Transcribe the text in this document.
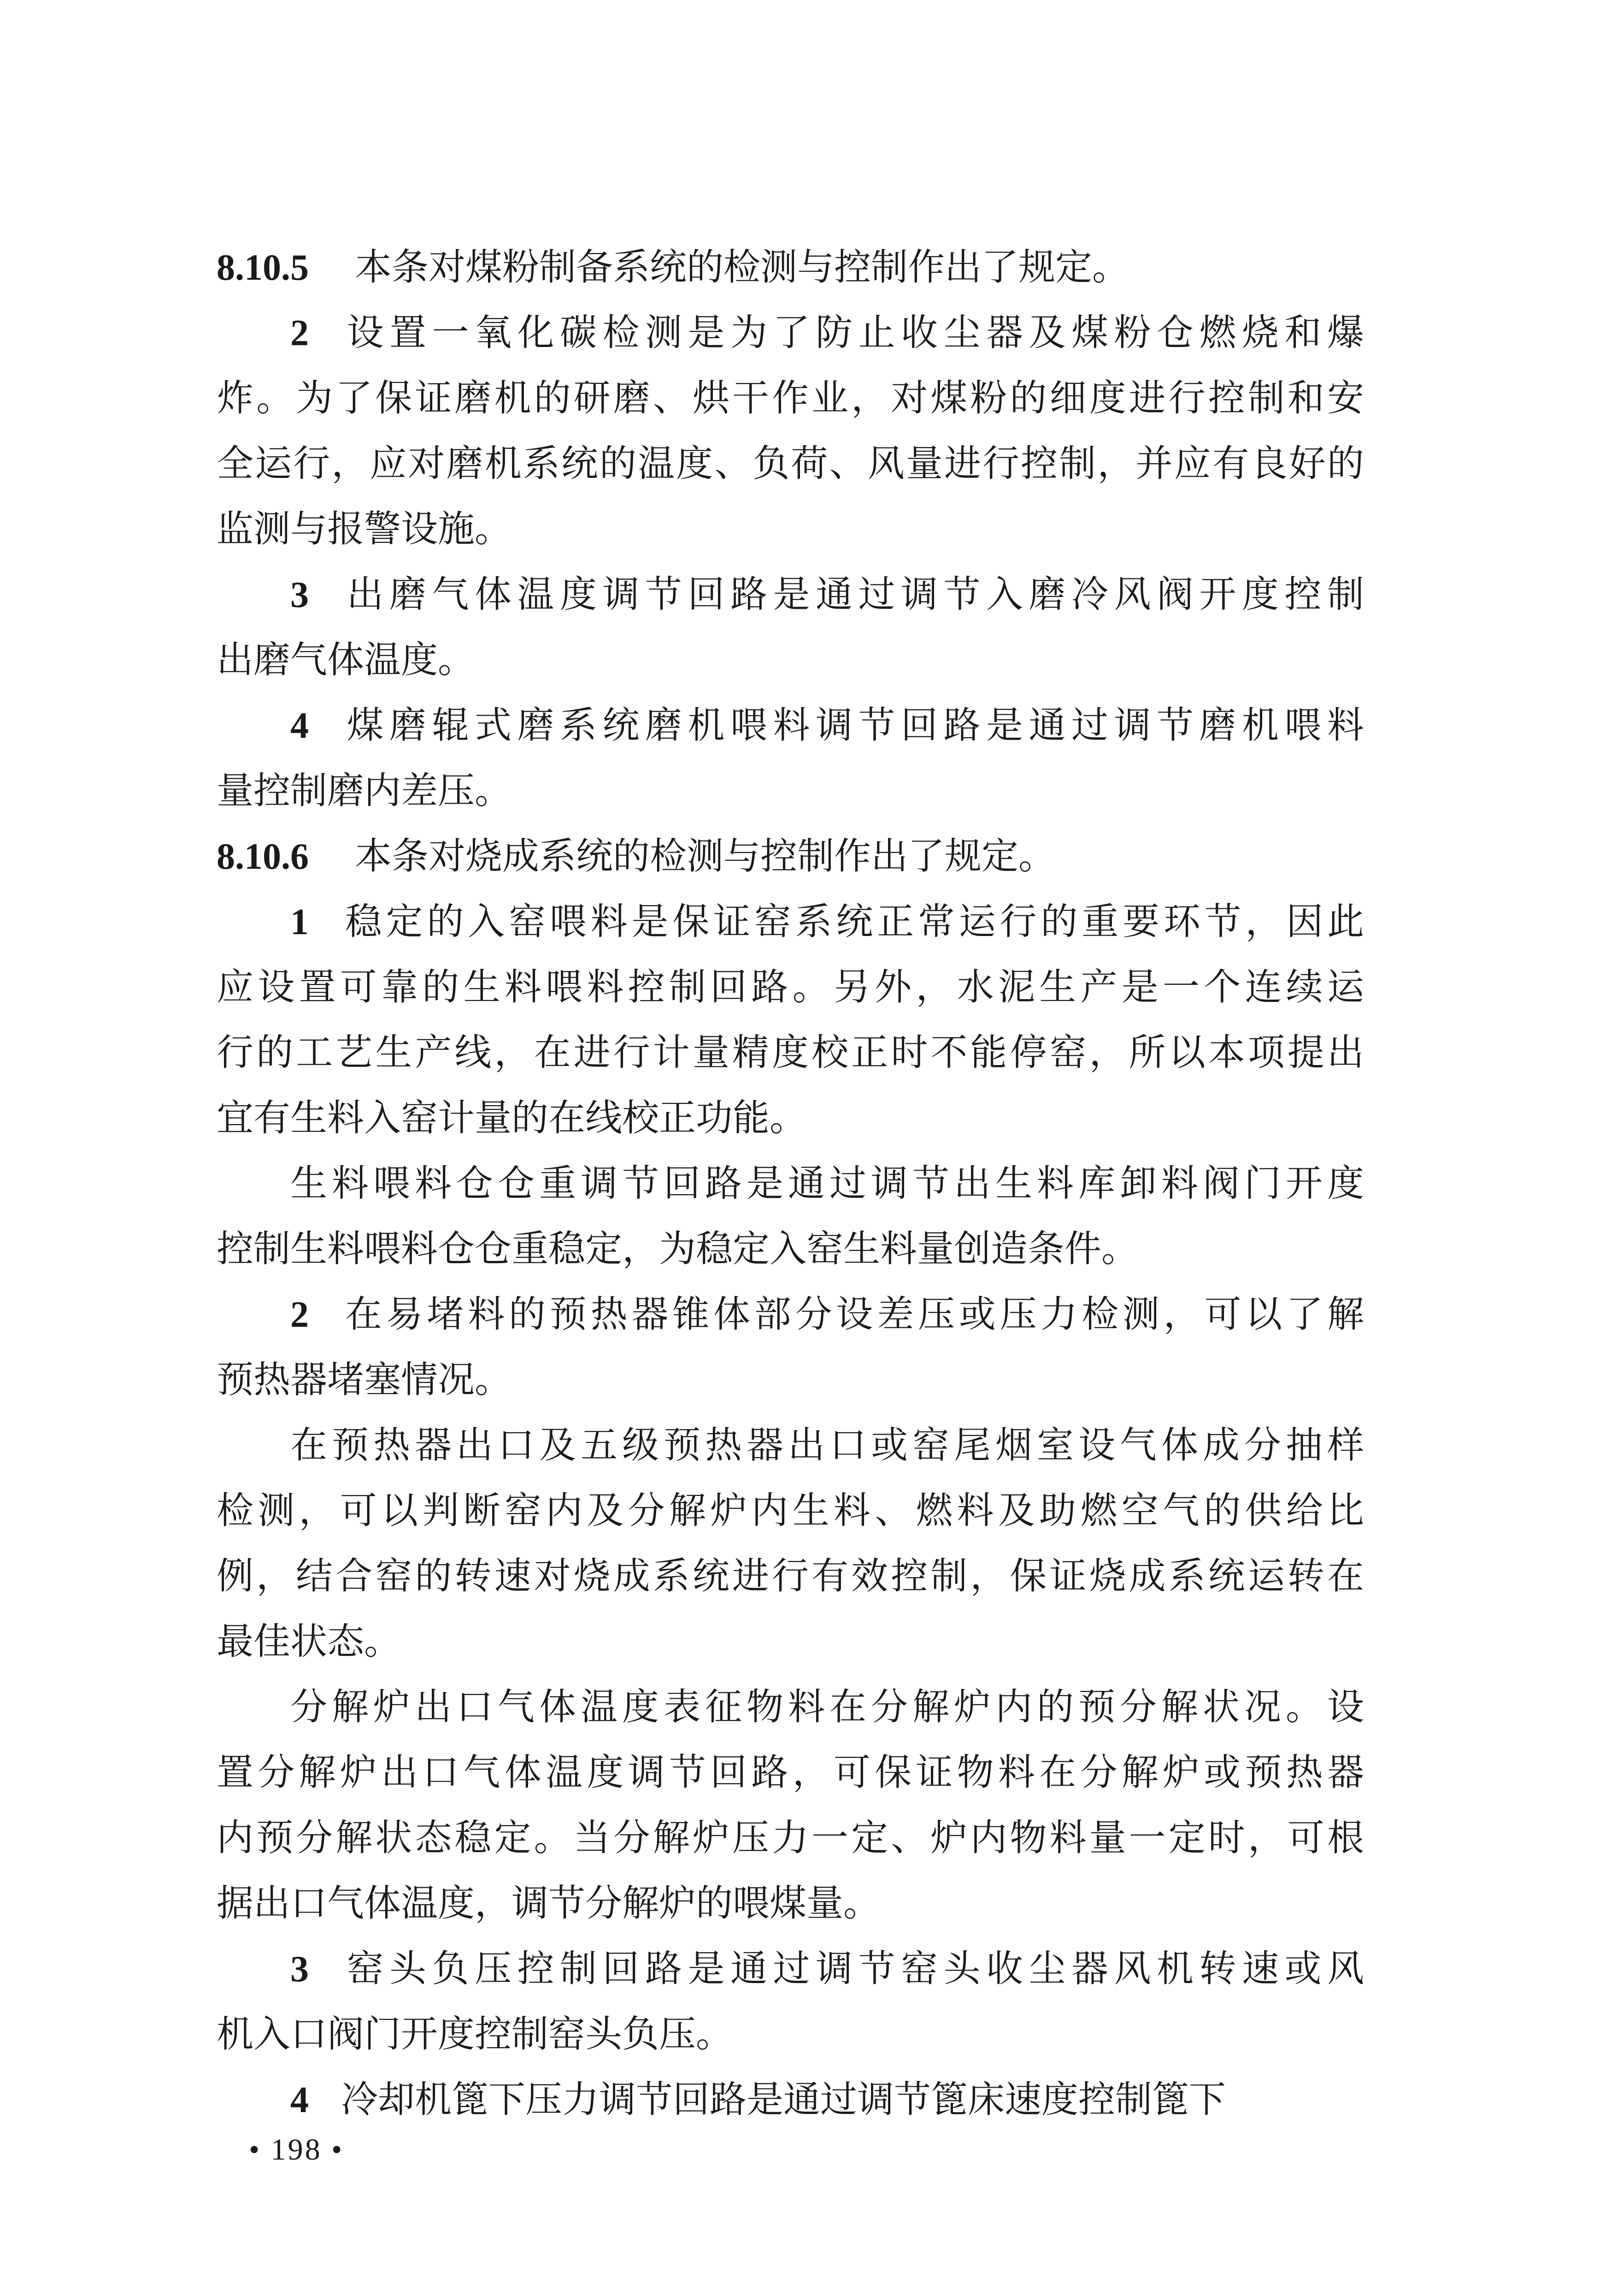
8.10.5 本条对煤粉制备系统的检测与控制作出了规定。
2 设置一氧化碳检测是为了防止收尘器及煤粉仓燃烧和爆
炸。为了保证磨机的研磨、烘干作业，对煤粉的细度进行控制和安
全运行，应对磨机系统的温度、负荷、风量进行控制，并应有良好的
监测与报警设施。
3 出磨气体温度调节回路是通过调节入磨冷风阀开度控制
出磨气体温度。
4 煤磨辊式磨系统磨机喂料调节回路是通过调节磨机喂料
量控制磨内差压。
8.10.6 本条对烧成系统的检测与控制作出了规定。
1 稳定的入窑喂料是保证窑系统正常运行的重要环节，因此
应设置可靠的生料喂料控制回路。另外，水泥生产是一个连续运
行的工艺生产线，在进行计量精度校正时不能停窑，所以本项提出
宜有生料入窑计量的在线校正功能。
生料喂料仓仓重调节回路是通过调节出生料库卸料阀门开度
控制生料喂料仓仓重稳定，为稳定入窑生料量创造条件。
2 在易堵料的预热器锥体部分设差压或压力检测，可以了解
预热器堵塞情况。
在预热器出口及五级预热器出口或窑尾烟室设气体成分抽样
检测，可以判断窑内及分解炉内生料、燃料及助燃空气的供给比
例，结合窑的转速对烧成系统进行有效控制，保证烧成系统运转在
最佳状态。
分解炉出口气体温度表征物料在分解炉内的预分解状况。设
置分解炉出口气体温度调节回路，可保证物料在分解炉或预热器
内预分解状态稳定。当分解炉压力一定、炉内物料量一定时，可根
据出口气体温度，调节分解炉的喂煤量。
3 窑头负压控制回路是通过调节窑头收尘器风机转速或风
机入口阀门开度控制窑头负压。
4 冷却机篦下压力调节回路是通过调节篦床速度控制篦下
• 198 •
